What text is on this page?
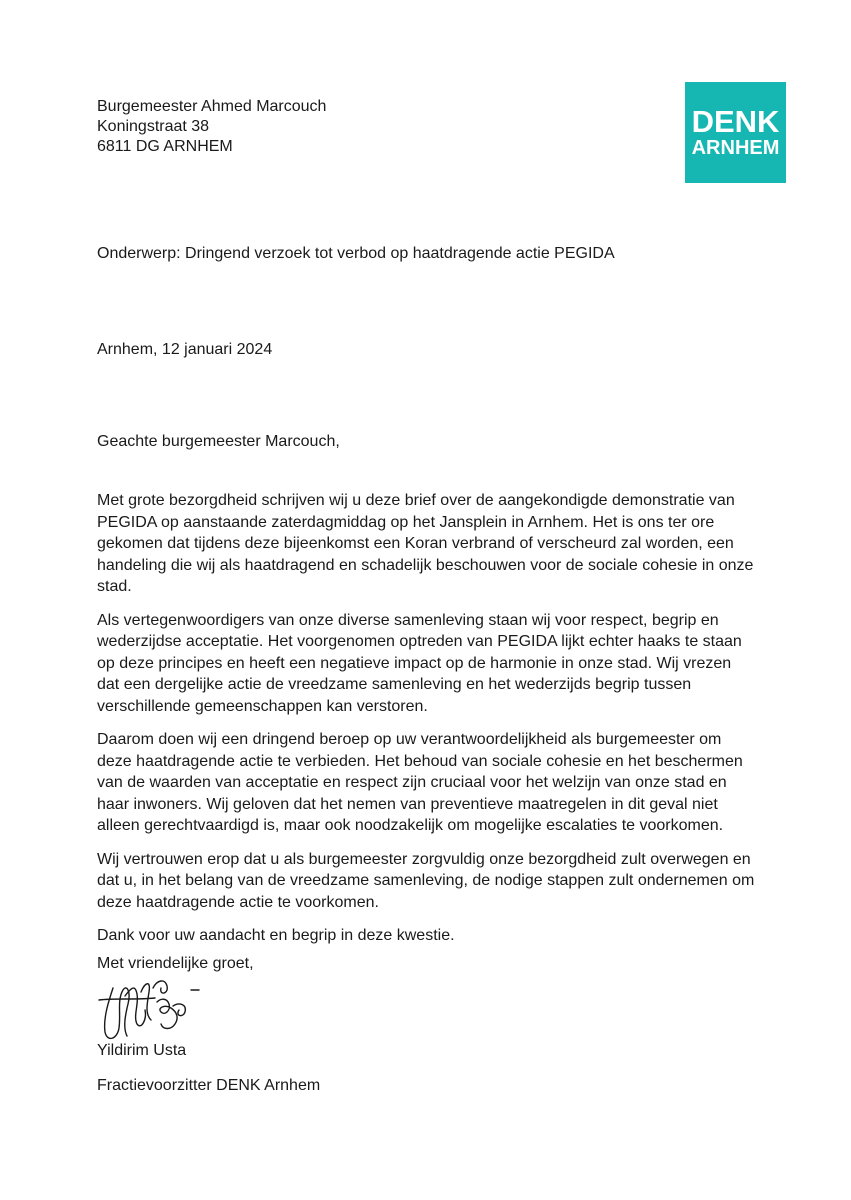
Burgemeester Ahmed Marcouch
Koningstraat 38
6811 DG ARNHEM
DENK
ARNHEM
Onderwerp: Dringend verzoek tot verbod op haatdragende actie PEGIDA
Arnhem, 12 januari 2024
Geachte burgemeester Marcouch,

Met grote bezorgdheid schrijven wij u deze brief over de aangekondigde demonstratie van PEGIDA op aanstaande zaterdagmiddag op het Jansplein in Arnhem. Het is ons ter ore gekomen dat tijdens deze bijeenkomst een Koran verbrand of verscheurd zal worden, een handeling die wij als haatdragend en schadelijk beschouwen voor de sociale cohesie in onze stad.

Als vertegenwoordigers van onze diverse samenleving staan wij voor respect, begrip en wederzijdse acceptatie. Het voorgenomen optreden van PEGIDA lijkt echter haaks te staan op deze principes en heeft een negatieve impact op de harmonie in onze stad. Wij vrezen dat een dergelijke actie de vreedzame samenleving en het wederzijds begrip tussen verschillende gemeenschappen kan verstoren.

Daarom doen wij een dringend beroep op uw verantwoordelijkheid als burgemeester om deze haatdragende actie te verbieden. Het behoud van sociale cohesie en het beschermen van de waarden van acceptatie en respect zijn cruciaal voor het welzijn van onze stad en haar inwoners. Wij geloven dat het nemen van preventieve maatregelen in dit geval niet alleen gerechtvaardigd is, maar ook noodzakelijk om mogelijke escalaties te voorkomen.

Wij vertrouwen erop dat u als burgemeester zorgvuldig onze bezorgdheid zult overwegen en dat u, in het belang van de vreedzame samenleving, de nodige stappen zult ondernemen om deze haatdragende actie te voorkomen.

Dank voor uw aandacht en begrip in deze kwestie.

Met vriendelijke groet,
Yildirim Usta
Fractievoorzitter DENK Arnhem
